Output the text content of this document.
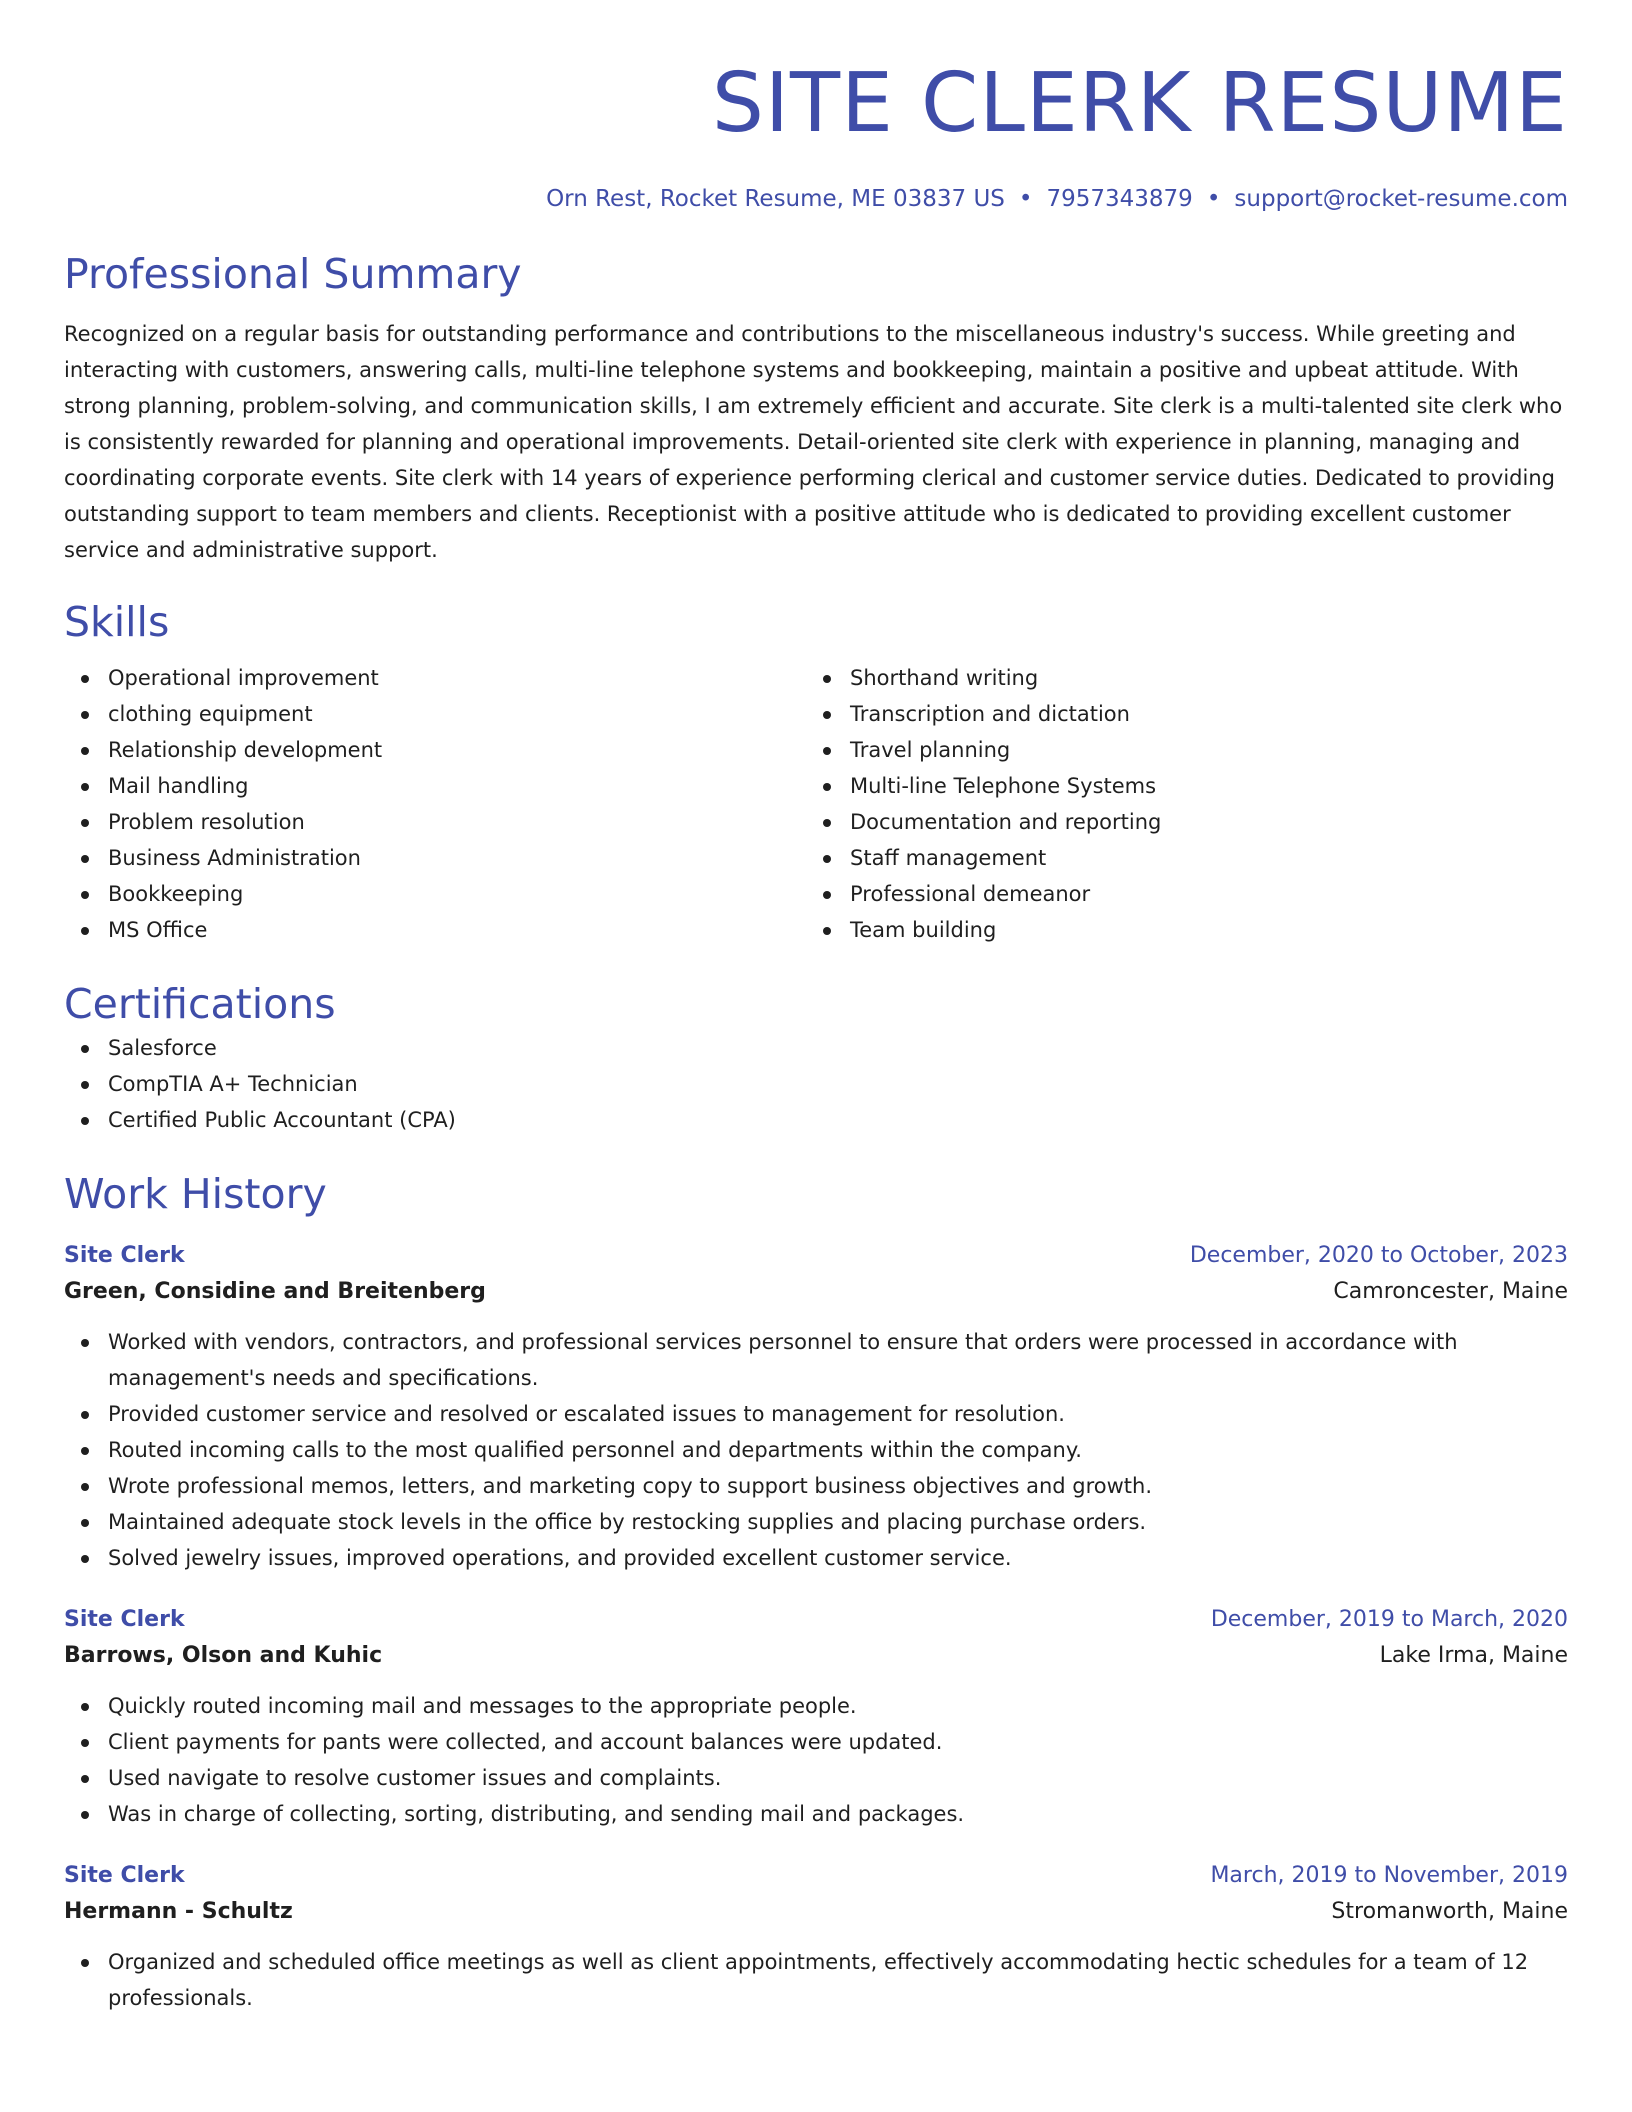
SITE CLERK RESUME
Orn Rest, Rocket Resume, ME 03837 US • 7957343879 • support@rocket-resume.com
Professional Summary

Recognized on a regular basis for outstanding performance and contributions to the miscellaneous industry's success. While greeting and interacting with customers, answering calls, multi-line telephone systems and bookkeeping, maintain a positive and upbeat attitude. With strong planning, problem-solving, and communication skills, I am extremely efficient and accurate. Site clerk is a multi-talented site clerk who is consistently rewarded for planning and operational improvements. Detail-oriented site clerk with experience in planning, managing and coordinating corporate events. Site clerk with 14 years of experience performing clerical and customer service duties. Dedicated to providing outstanding support to team members and clients. Receptionist with a positive attitude who is dedicated to providing excellent customer service and administrative support.

Skills
Operational improvement
clothing equipment
Relationship development
Mail handling
Problem resolution
Business Administration
Bookkeeping
MS Office
Shorthand writing
Transcription and dictation
Travel planning
Multi-line Telephone Systems
Documentation and reporting
Staff management
Professional demeanor
Team building
Certifications
Salesforce
CompTIA A+ Technician
Certified Public Accountant (CPA)
Work History
Site Clerk	December, 2020 to October, 2023
Green, Considine and Breitenberg	Camroncester, Maine
Worked with vendors, contractors, and professional services personnel to ensure that orders were processed in accordance with management's needs and specifications.
Provided customer service and resolved or escalated issues to management for resolution.
Routed incoming calls to the most qualified personnel and departments within the company.
Wrote professional memos, letters, and marketing copy to support business objectives and growth.
Maintained adequate stock levels in the office by restocking supplies and placing purchase orders.
Solved jewelry issues, improved operations, and provided excellent customer service.
Site Clerk	December, 2019 to March, 2020
Barrows, Olson and Kuhic	Lake Irma, Maine
Quickly routed incoming mail and messages to the appropriate people.
Client payments for pants were collected, and account balances were updated.
Used navigate to resolve customer issues and complaints.
Was in charge of collecting, sorting, distributing, and sending mail and packages.
Site Clerk	March, 2019 to November, 2019
Hermann - Schultz	Stromanworth, Maine
Organized and scheduled office meetings as well as client appointments, effectively accommodating hectic schedules for a team of 12 professionals.
